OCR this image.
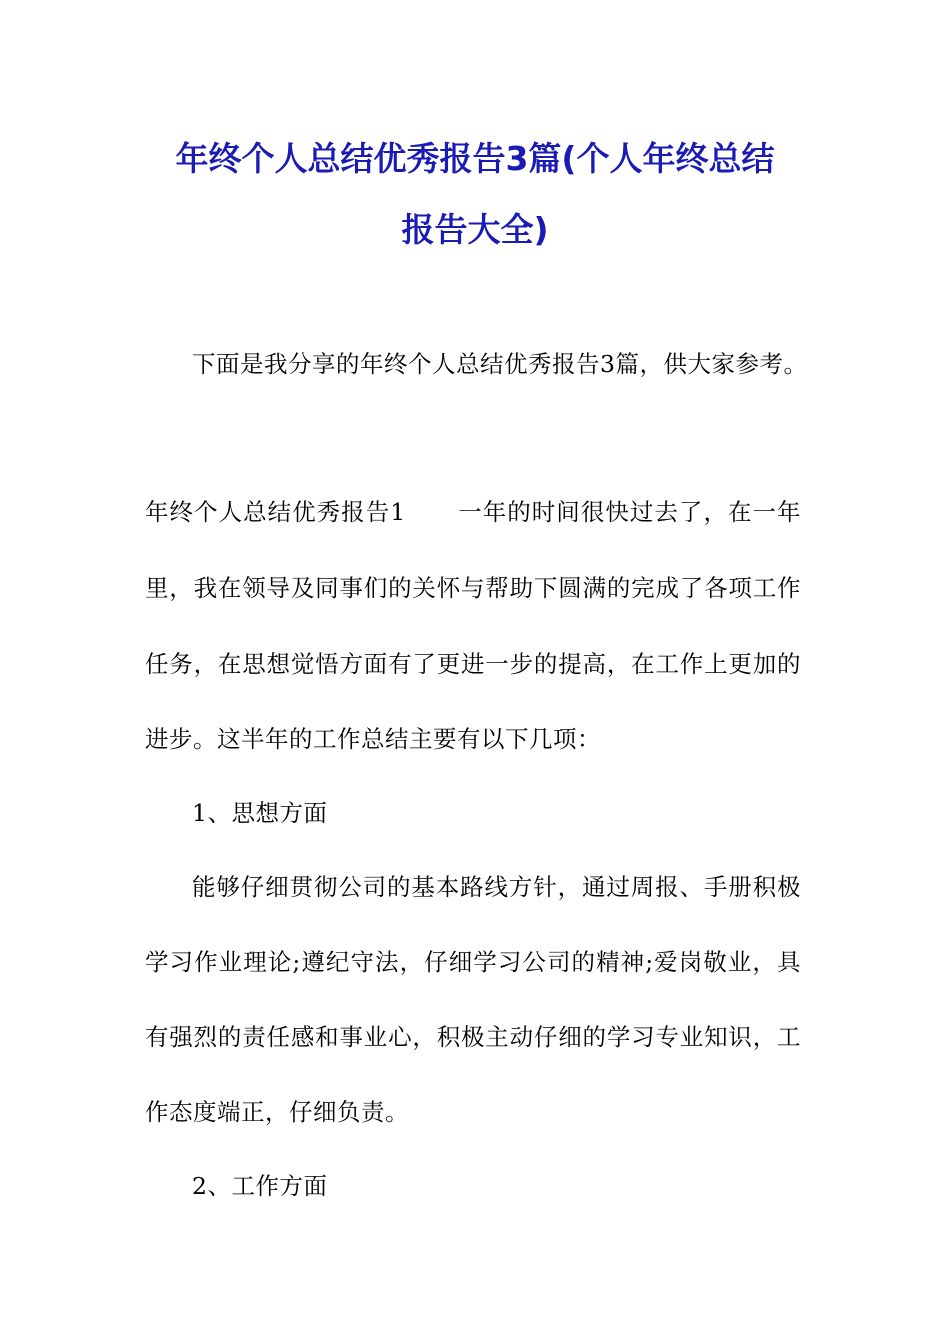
年终个人总结优秀报告3篇(个人年终总结
报告大全)
下面是我分享的年终个人总结优秀报告3篇，供大家参考。
年终个人总结优秀报告1 一年的时间很快过去了，在一年
里，我在领导及同事们的关怀与帮助下圆满的完成了各项工作
任务，在思想觉悟方面有了更进一步的提高，在工作上更加的
进步。这半年的工作总结主要有以下几项：
1、思想方面
能够仔细贯彻公司的基本路线方针，通过周报、手册积极
学习作业理论;遵纪守法，仔细学习公司的精神;爱岗敬业，具
有强烈的责任感和事业心，积极主动仔细的学习专业知识，工
作态度端正，仔细负责。
2、工作方面
